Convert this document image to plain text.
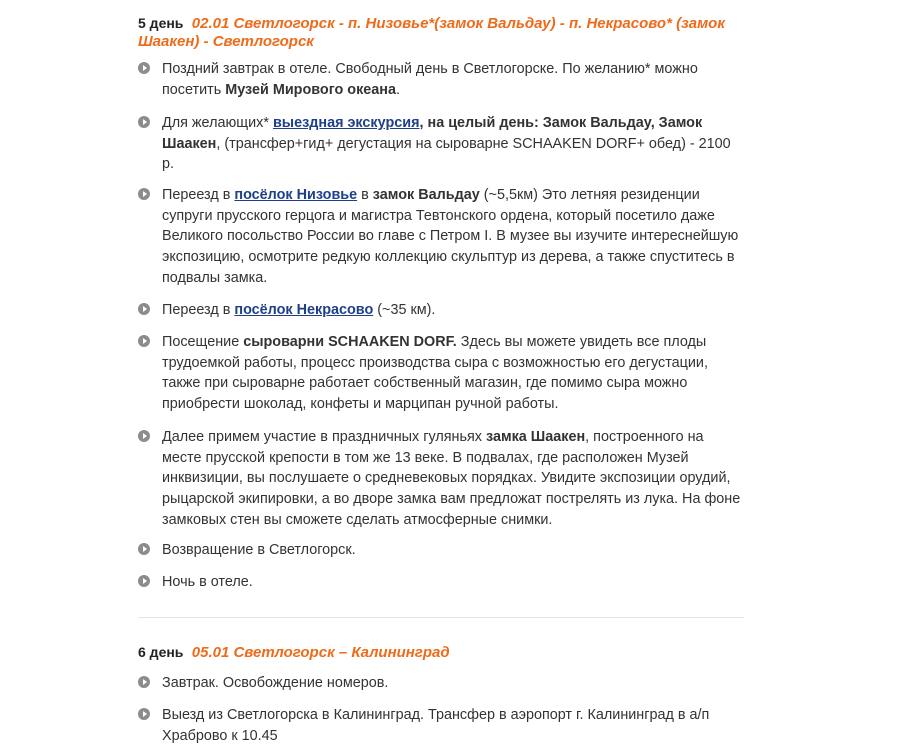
5 день 02.01 Светлогорск - п. Низовье*(замок Вальдау) - п. Некрасово* (замок Шаакен) - Светлогорск
Поздний завтрак в отеле. Свободный день в Светлогорске. По желанию* можно посетить Музей Мирового океана.
Для желающих* выездная экскурсия, на целый день: Замок Вальдау, Замок Шаакен, (трансфер+гид+ дегустация на сыроварне SCHAAKEN DORF+ обед) - 2100 р.
Переезд в посёлок Низовье в замок Вальдау (~5,5км) Это летняя резиденции супруги прусского герцога и магистра Тевтонского ордена, который посетило даже Великого посольство России во главе с Петром I. В музее вы изучите интереснейшую экспозицию, осмотрите редкую коллекцию скульптур из дерева, а также спуститесь в подвалы замка.
Переезд в посёлок Некрасово (~35 км).
Посещение сыроварни SCHAAKEN DORF. Здесь вы можете увидеть все плоды трудоемкой работы, процесс производства сыра с возможностью его дегустации, также при сыроварне работает собственный магазин, где помимо сыра можно приобрести шоколад, конфеты и марципан ручной работы.
Далее примем участие в праздничных гуляньях замка Шаакен, построенного на месте прусской крепости в том же 13 веке. В подвалах, где расположен Музей инквизиции, вы послушаете о средневековых порядках. Увидите экспозиции орудий, рыцарской экипировки, а во дворе замка вам предложат пострелять из лука. На фоне замковых стен вы сможете сделать атмосферные снимки.
Возвращение в Светлогорск.
Ночь в отеле.
6 день 05.01 Светлогорск – Калининград
Завтрак. Освобождение номеров.
Выезд из Светлогорска в Калининград. Трансфер в аэропорт г. Калининград в а/п Храброво к 10.45
